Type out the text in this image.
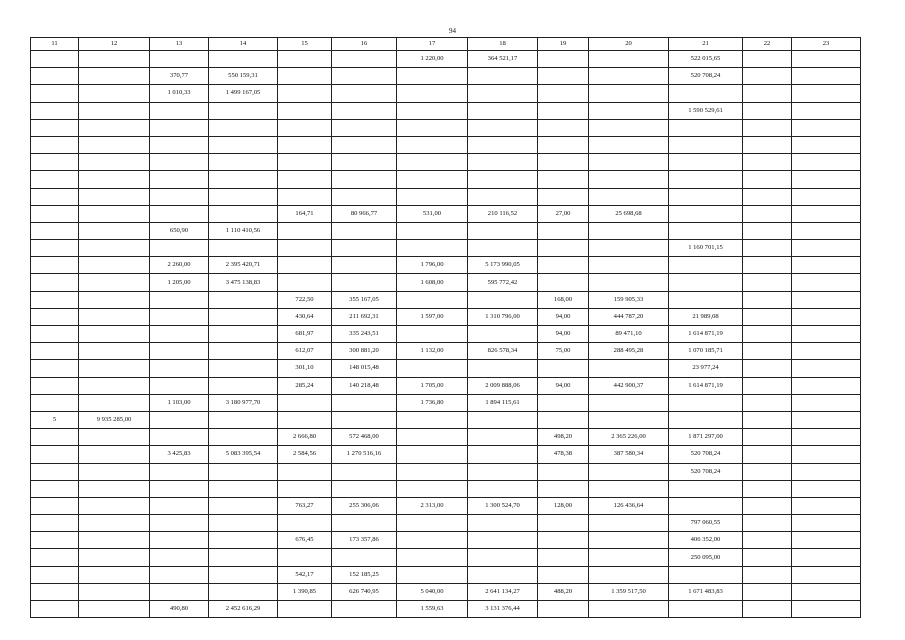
94
11	12	13	14	15	16	17	18	19	20	21	22	23
						1 220,00	364 521,17			522 015,65		
		370,77	550 159,31							520 708,24		
		1 010,33	1 499 167,05									
										1 590 529,61		

				164,71	80 966,77	531,00	210 116,52	27,00	25 698,68			
		650,90	1 110 410,56									
										1 160 701,15		
		2 260,00	2 395 420,71			1 796,00	5 173 990,05					
		1 205,00	3 475 138,83			1 608,00	595 772,42					
				722,50	355 167,05			168,00	159 905,33			
				430,64	211 692,31	1 597,00	1 310 796,00	94,00	444 787,20	21 989,08		
				681,97	335 243,51			94,00	89 471,10	1 614 871,19		
				612,07	300 881,20	1 132,00	826 578,34	75,00	288 495,28	1 070 185,71		
				301,10	148 015,48					23 977,24		
				285,24	140 218,48	1 705,00	2 009 888,06	94,00	442 900,37	1 614 871,19		
		1 103,00	3 180 977,70			1 736,80	1 894 115,61					
5	9 935 285,00											
				2 666,80	572 468,00			498,20	2 365 226,00	1 871 297,00		
		3 425,83	5 083 395,54	2 584,56	1 270 516,16			478,38	387 580,34	520 708,24		
										520 708,24		

				763,27	255 306,06	2 313,00	1 300 524,70	128,00	126 436,64			
										797 060,55		
				676,45	173 357,86					406 352,00		
										250 095,00		
				542,17	152 185,25							
				1 390,85	626 740,95	5 040,00	2 641 134,27	488,20	1 359 517,50	1 671 483,83		
		490,80	2 452 616,29			1 559,63	3 131 376,44					
